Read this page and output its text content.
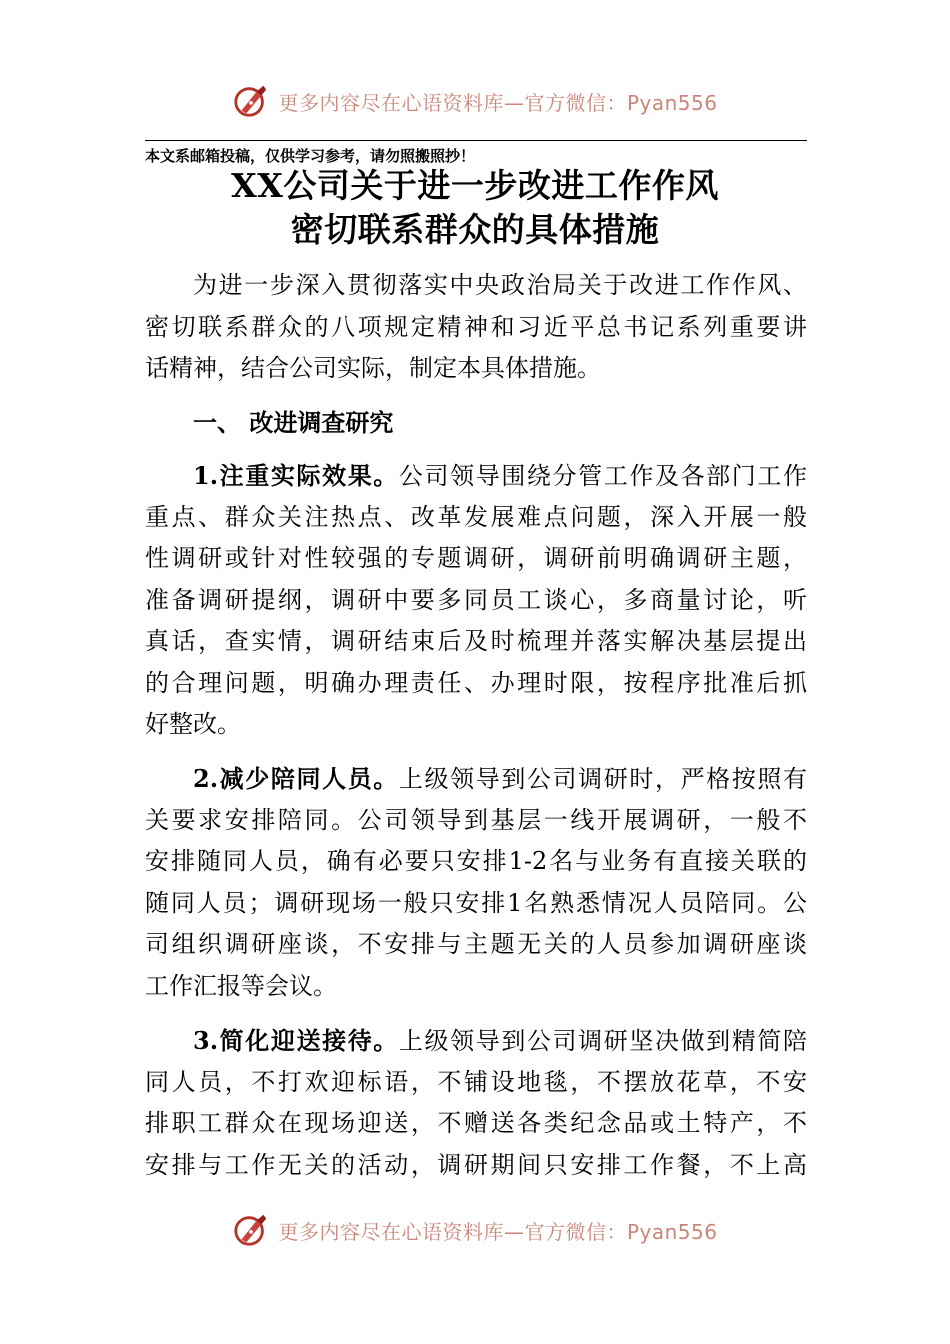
更多内容尽在心语资料库—官方微信：Pyan556
本文系邮箱投稿，仅供学习参考，请勿照搬照抄！
XX公司关于进一步改进工作作风
密切联系群众的具体措施
为进一步深入贯彻落实中央政治局关于改进工作作风、
密切联系群众的八项规定精神和习近平总书记系列重要讲
话精神，结合公司实际，制定本具体措施。
一、 改进调查研究
1.注重实际效果。公司领导围绕分管工作及各部门工作
重点、群众关注热点、改革发展难点问题，深入开展一般
性调研或针对性较强的专题调研，调研前明确调研主题，
准备调研提纲，调研中要多同员工谈心，多商量讨论，听
真话，查实情，调研结束后及时梳理并落实解决基层提出
的合理问题，明确办理责任、办理时限，按程序批准后抓
好整改。
2.减少陪同人员。上级领导到公司调研时，严格按照有
关要求安排陪同。公司领导到基层一线开展调研，一般不
安排随同人员，确有必要只安排1-2名与业务有直接关联的
随同人员；调研现场一般只安排1名熟悉情况人员陪同。公
司组织调研座谈，不安排与主题无关的人员参加调研座谈
工作汇报等会议。
3.简化迎送接待。上级领导到公司调研坚决做到精简陪
同人员，不打欢迎标语，不铺设地毯，不摆放花草，不安
排职工群众在现场迎送，不赠送各类纪念品或土特产，不
安排与工作无关的活动，调研期间只安排工作餐，不上高
更多内容尽在心语资料库—官方微信：Pyan556
